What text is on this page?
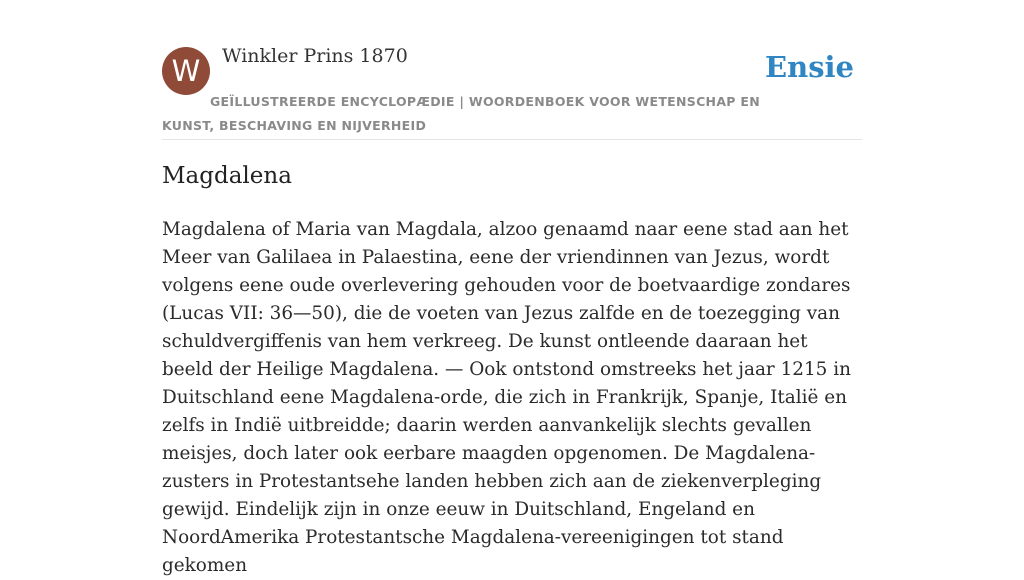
W	Winkler Prins 1870	Ensie
GEÏLLUSTREERDE ENCYCLOPÆDIE | WOORDENBOEK VOOR WETENSCHAP EN KUNST, BESCHAVING EN NIJVERHEID
Magdalena

Magdalena of Maria van Magdala, alzoo genaamd naar eene stad aan het Meer van Galilaea in Palaestina, eene der vriendinnen van Jezus, wordt volgens eene oude overlevering gehouden voor de boetvaardige zondares (Lucas VII: 36—50), die de voeten van Jezus zalfde en de toezegging van schuldvergiffenis van hem verkreeg. De kunst ontleende daaraan het beeld der Heilige Magdalena. — Ook ontstond omstreeks het jaar 1215 in Duitschland eene Magdalena-orde, die zich in Frankrijk, Spanje, Italië en zelfs in Indië uitbreidde; daarin werden aanvankelijk slechts gevallen meisjes, doch later ook eerbare maagden opgenomen. De Magdalena-zusters in Protestantsehe landen hebben zich aan de ziekenverpleging gewijd. Eindelijk zijn in onze eeuw in Duitschland, Engeland en NoordAmerika Protestantsche Magdalena-vereenigingen tot stand gekomen
